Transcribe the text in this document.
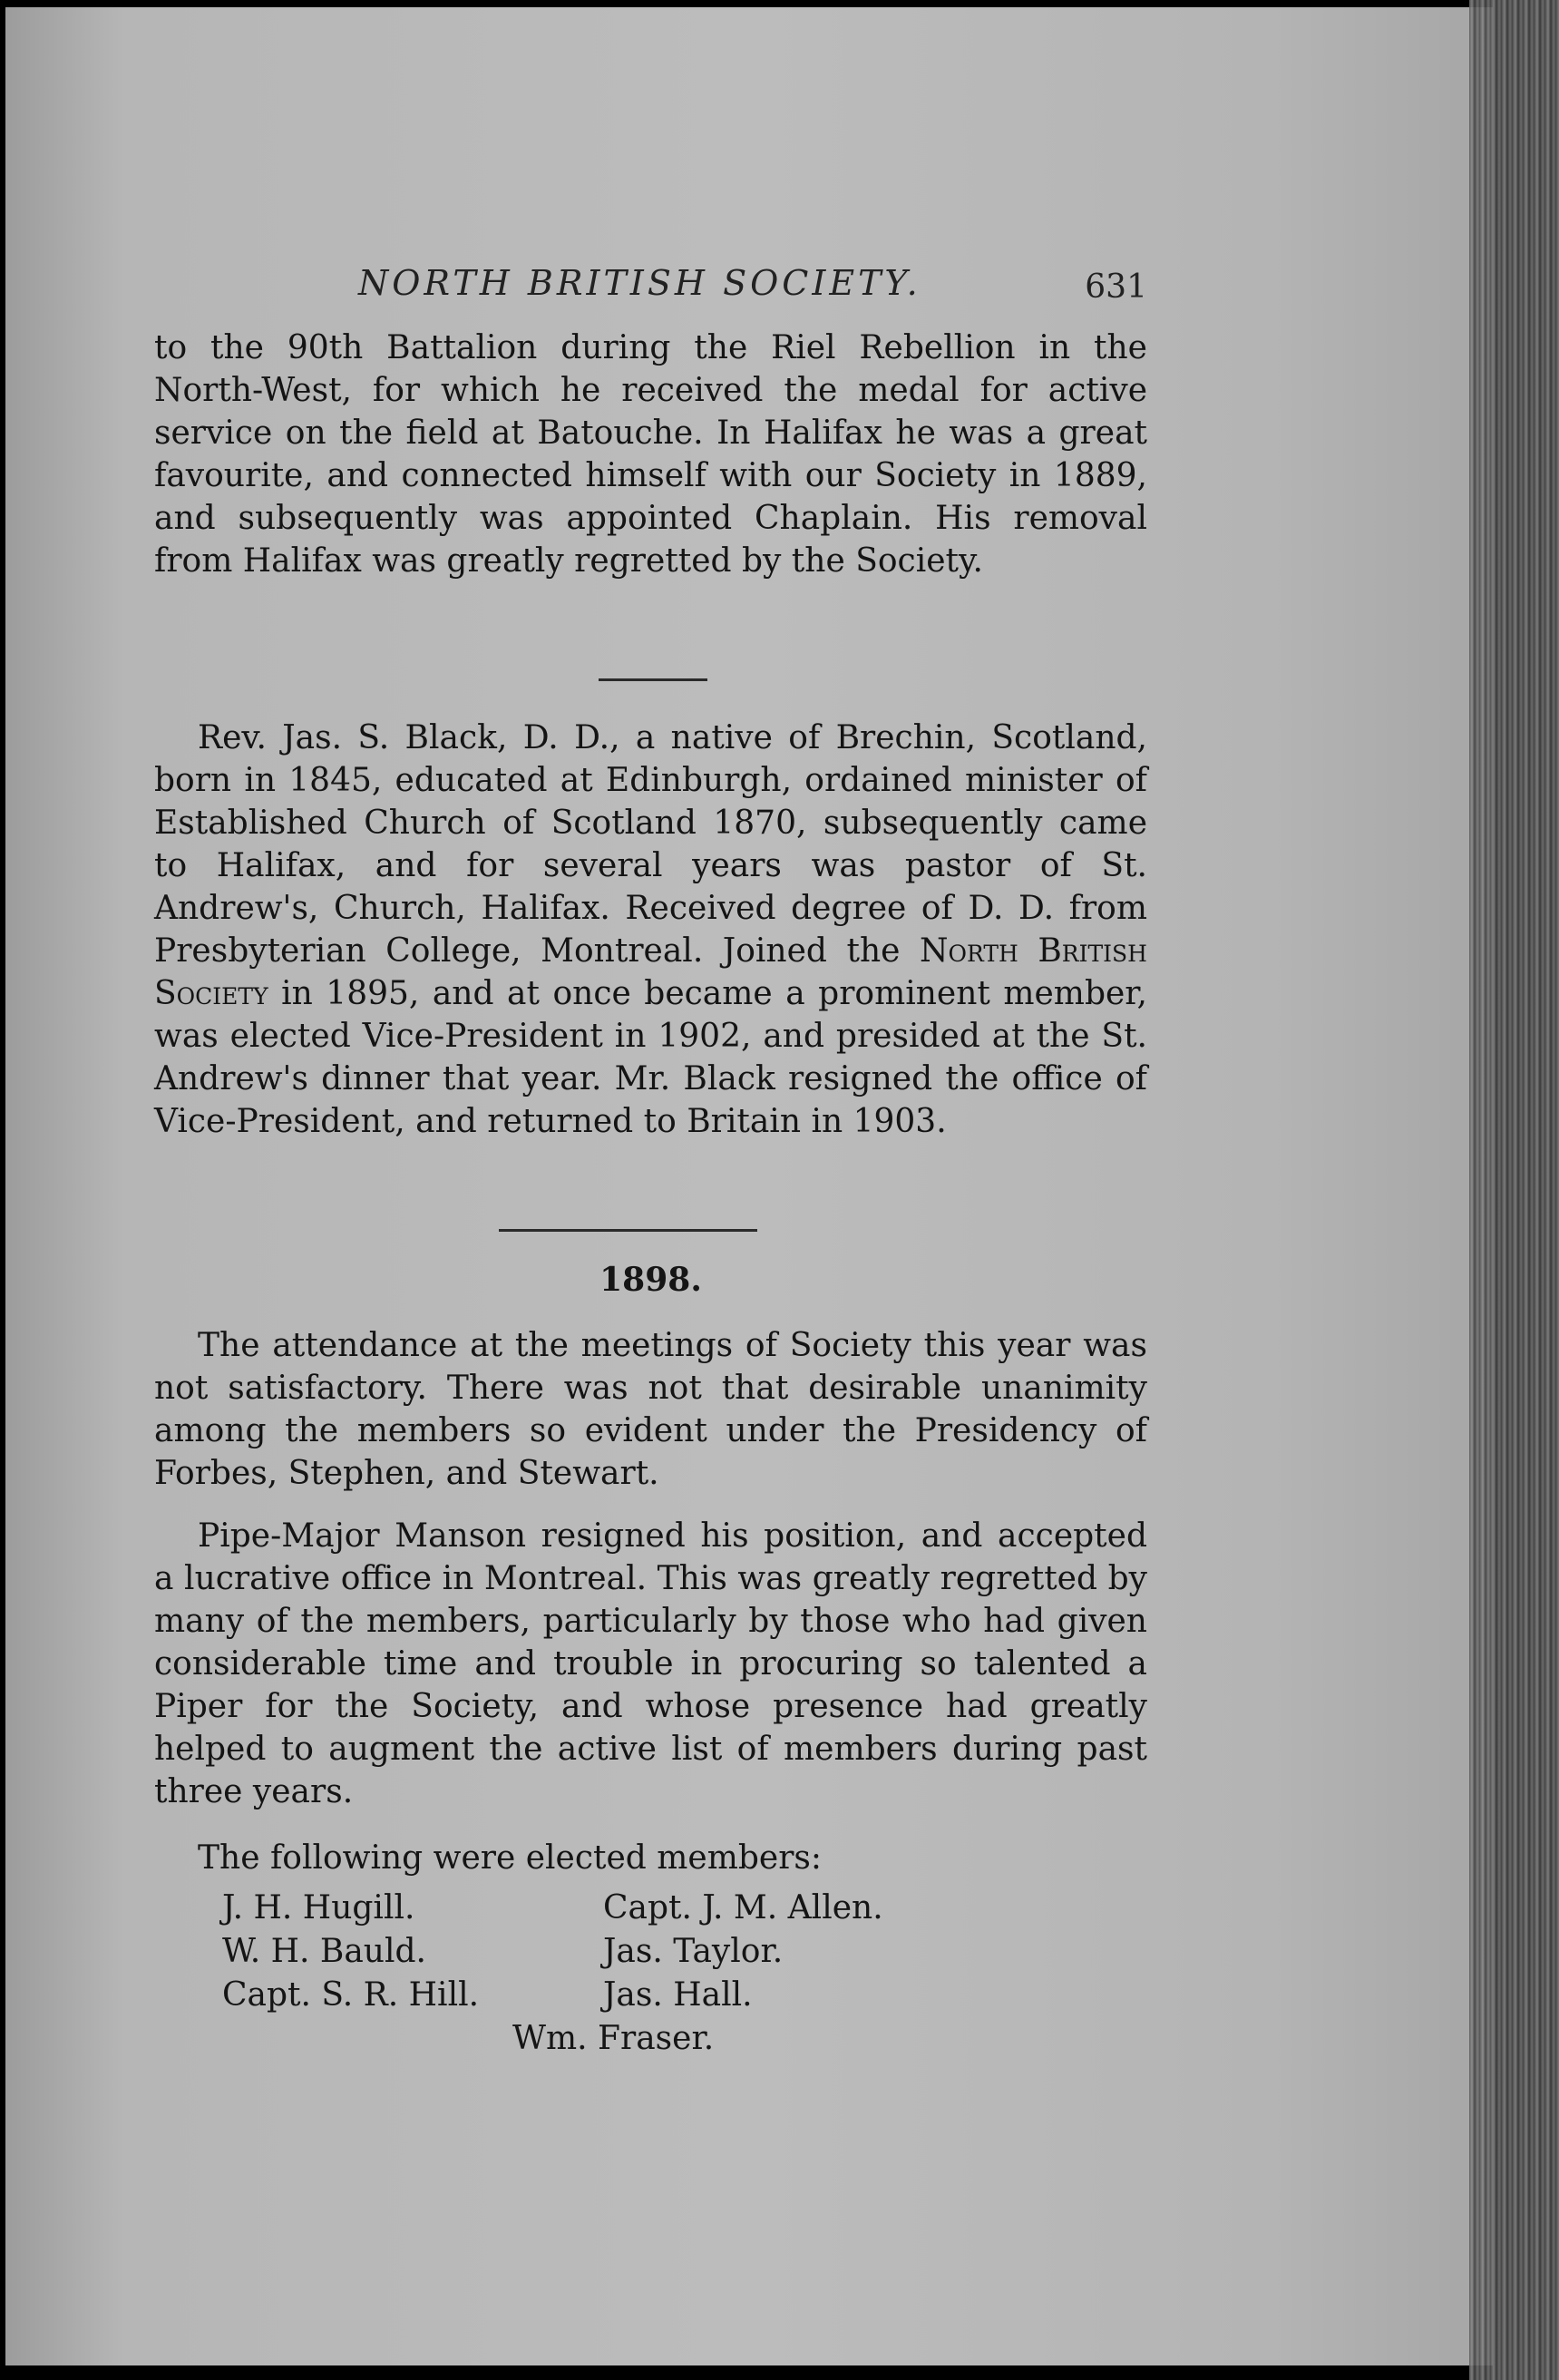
NORTH BRITISH SOCIETY.	631

to the 90th Battalion during the Riel Rebellion in the North-West, for which he received the medal for active service on the field at Batouche. In Halifax he was a great favourite, and connected himself with our Society in 1889, and subsequently was appointed Chaplain. His removal from Halifax was greatly regretted by the Society.

Rev. Jas. S. Black, D. D., a native of Brechin, Scotland, born in 1845, educated at Edinburgh, ordained minister of Established Church of Scotland 1870, subsequently came to Halifax, and for several years was pastor of St. Andrew's, Church, Halifax. Received degree of D. D. from Presbyterian College, Montreal. Joined the North British Society in 1895, and at once became a prominent member, was elected Vice-President in 1902, and presided at the St. Andrew's dinner that year. Mr. Black resigned the office of Vice-President, and returned to Britain in 1903.

1898.

The attendance at the meetings of Society this year was not satisfactory. There was not that desirable unanimity among the members so evident under the Presidency of Forbes, Stephen, and Stewart.

Pipe-Major Manson resigned his position, and accepted a lucrative office in Montreal. This was greatly regretted by many of the members, particularly by those who had given considerable time and trouble in procuring so talented a Piper for the Society, and whose presence had greatly helped to augment the active list of members during past three years.

The following were elected members:

J. H. Hugill.
W. H. Bauld.
Capt. S. R. Hill.
Capt. J. M. Allen.
Jas. Taylor.
Jas. Hall.
Wm. Fraser.
